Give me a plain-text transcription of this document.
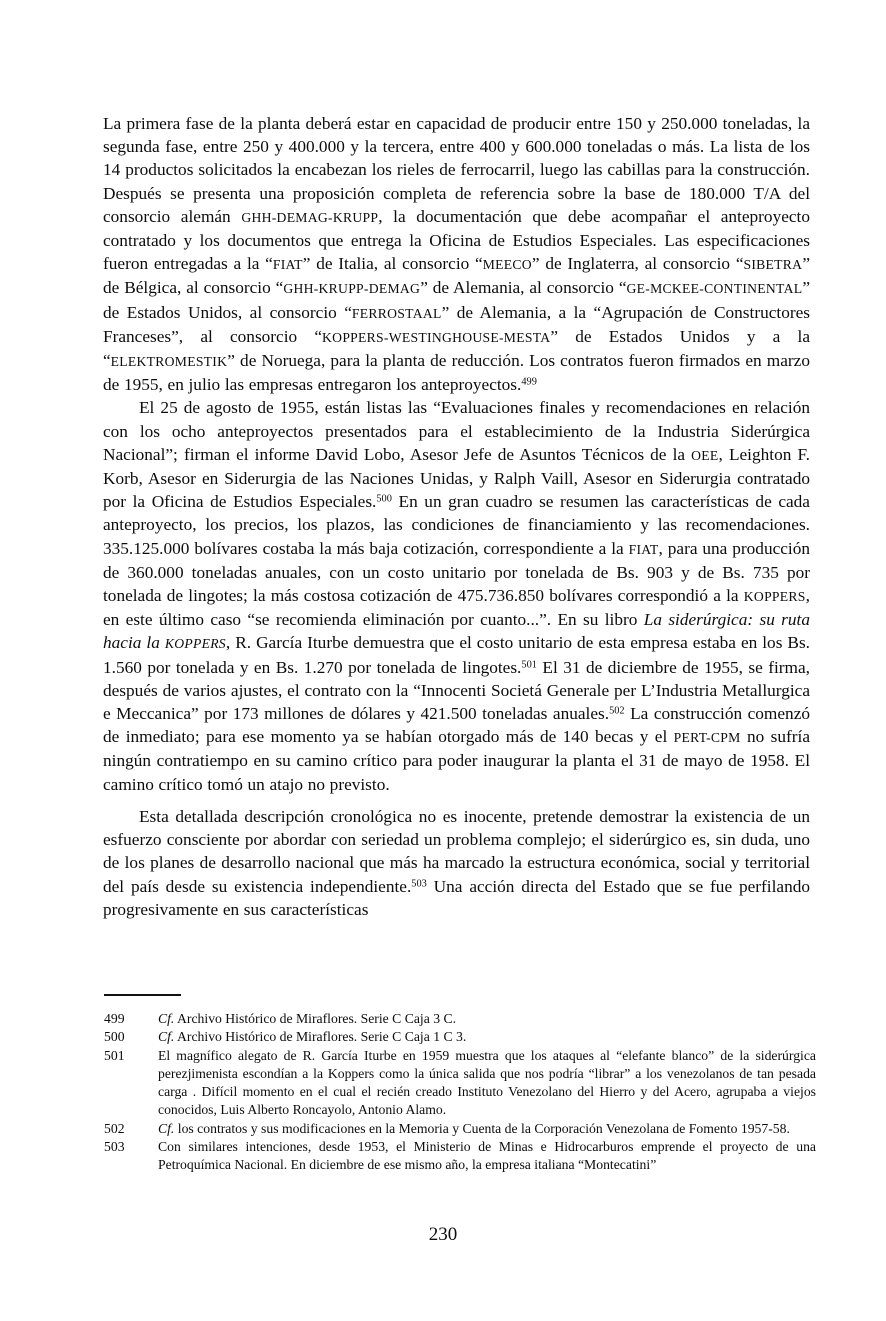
La primera fase de la planta deberá estar en capacidad de producir entre 150 y 250.000 toneladas, la segunda fase, entre 250 y 400.000 y la tercera, entre 400 y 600.000 toneladas o más. La lista de los 14 productos solicitados la encabezan los rieles de ferrocarril, luego las cabillas para la construcción. Después se presenta una proposición completa de referencia sobre la base de 180.000 T/A del consorcio alemán GHH-DEMAG-KRUPP, la documentación que debe acompañar el anteproyecto contratado y los documentos que entrega la Oficina de Estudios Especiales. Las especificaciones fueron entregadas a la “FIAT” de Italia, al consorcio “MEECO” de Inglaterra, al consorcio “SIBETRA” de Bélgica, al consorcio “GHH-KRUPP-DEMAG” de Alemania, al consorcio “GE-MCKEE-CONTINENTAL” de Estados Unidos, al consorcio “FERROSTAAL” de Alemania, a la “Agrupación de Constructores Franceses”, al consorcio “KOPPERS-WESTINGHOUSE-MESTA” de Estados Unidos y a la “ELEKTROMESTIK” de Noruega, para la planta de reducción. Los contratos fueron firmados en marzo de 1955, en julio las empresas entregaron los anteproyectos.$^{499}$

El 25 de agosto de 1955, están listas las “Evaluaciones finales y recomendaciones en relación con los ocho anteproyectos presentados para el establecimiento de la Industria Siderúrgica Nacional”; firman el informe David Lobo, Asesor Jefe de Asuntos Técnicos de la OEE, Leighton F. Korb, Asesor en Siderurgia de las Naciones Unidas, y Ralph Vaill, Asesor en Siderurgia contratado por la Oficina de Estudios Especiales.$^{500}$ En un gran cuadro se resumen las características de cada anteproyecto, los precios, los plazos, las condiciones de financiamiento y las recomendaciones. 335.125.000 bolívares costaba la más baja cotización, correspondiente a la FIAT, para una producción de 360.000 toneladas anuales, con un costo unitario por tonelada de Bs. 903 y de Bs. 735 por tonelada de lingotes; la más costosa cotización de 475.736.850 bolívares correspondió a la KOPPERS, en este último caso “se recomienda eliminación por cuanto...”. En su libro La siderúrgica: su ruta hacia la KOPPERS, R. García Iturbe demuestra que el costo unitario de esta empresa estaba en los Bs. 1.560 por tonelada y en Bs. 1.270 por tonelada de lingotes.$^{501}$ El 31 de diciembre de 1955, se firma, después de varios ajustes, el contrato con la “Innocenti Societá Generale per L’Industria Metallurgica e Meccanica” por 173 millones de dólares y 421.500 toneladas anuales.$^{502}$ La construcción comenzó de inmediato; para ese momento ya se habían otorgado más de 140 becas y el PERT-CPM no sufría ningún contratiempo en su camino crítico para poder inaugurar la planta el 31 de mayo de 1958. El camino crítico tomó un atajo no previsto.

Esta detallada descripción cronológica no es inocente, pretende demostrar la existencia de un esfuerzo consciente por abordar con seriedad un problema complejo; el siderúrgico es, sin duda, uno de los planes de desarrollo nacional que más ha marcado la estructura económica, social y territorial del país desde su existencia independiente.$^{503}$ Una acción directa del Estado que se fue perfilando progresivamente en sus características

499	Cf. Archivo Histórico de Miraflores. Serie C Caja 3 C.
500	Cf. Archivo Histórico de Miraflores. Serie C Caja 1 C 3.
501	El magnífico alegato de R. García Iturbe en 1959 muestra que los ataques al “elefante blanco” de la siderúrgica perezjimenista escondían a la Koppers como la única salida que nos podría “librar” a los venezolanos de tan pesada carga . Difícil momento en el cual el recién creado Instituto Venezolano del Hierro y del Acero, agrupaba a viejos conocidos, Luis Alberto Roncayolo, Antonio Alamo.
502	Cf. los contratos y sus modificaciones en la Memoria y Cuenta de la Corporación Venezolana de Fomento 1957-58.
503	Con similares intenciones, desde 1953, el Ministerio de Minas e Hidrocarburos emprende el proyecto de una Petroquímica Nacional. En diciembre de ese mismo año, la empresa italiana “Montecatini”
230
